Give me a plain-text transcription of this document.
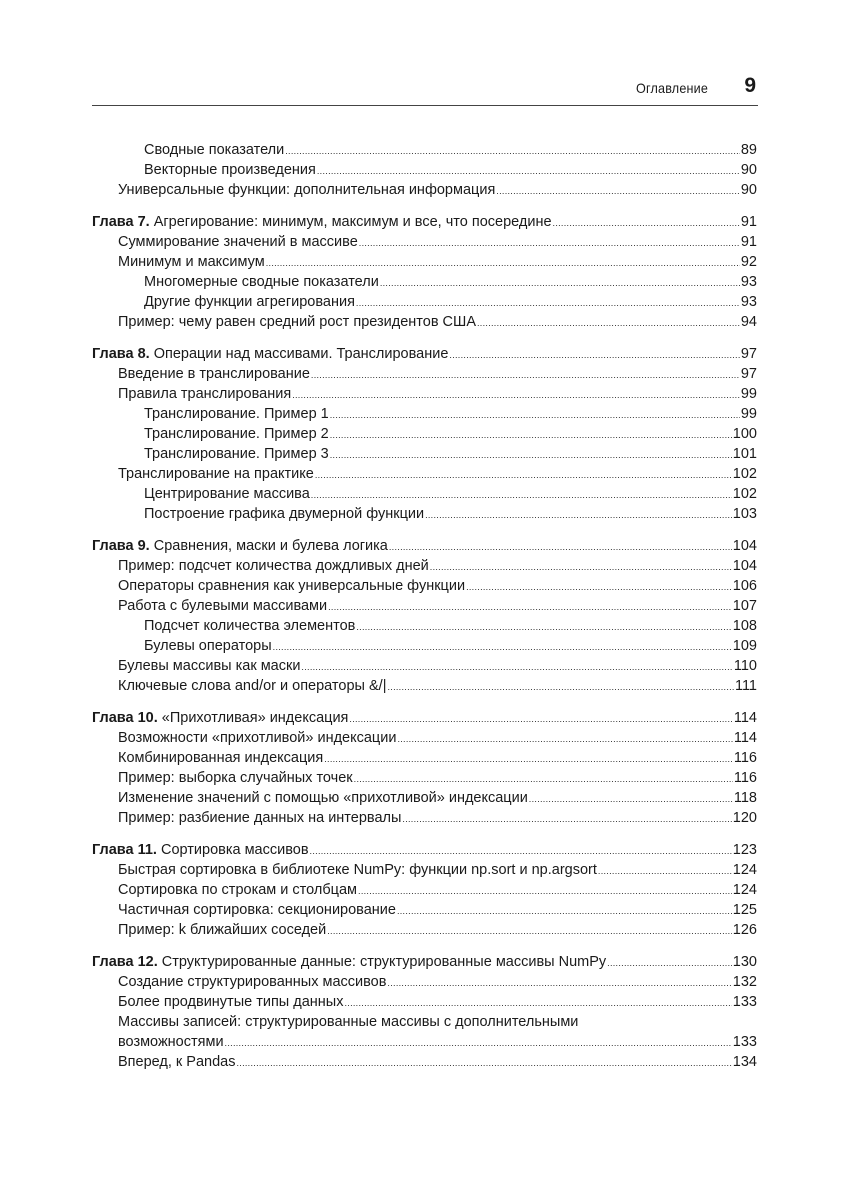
Оглавление 9
Сводные показатели .....	89
Векторные произведения .....	90
Универсальные функции: дополнительная информация .....	90
Глава 7. Агрегирование: минимум, максимум и все, что посередине .....	91
Суммирование значений в массиве .....	91
Минимум и максимум .....	92
Многомерные сводные показатели .....	93
Другие функции агрегирования .....	93
Пример: чему равен средний рост президентов США .....	94
Глава 8. Операции над массивами. Транслирование .....	97
Введение в транслирование .....	97
Правила транслирования .....	99
Транслирование. Пример 1 .....	99
Транслирование. Пример 2 .....	100
Транслирование. Пример 3 .....	101
Транслирование на практике .....	102
Центрирование массива .....	102
Построение графика двумерной функции .....	103
Глава 9. Сравнения, маски и булева логика .....	104
Пример: подсчет количества дождливых дней .....	104
Операторы сравнения как универсальные функции .....	106
Работа с булевыми массивами .....	107
Подсчет количества элементов .....	108
Булевы операторы .....	109
Булевы массивы как маски .....	110
Ключевые слова and/or и операторы &/| .....	111
Глава 10. «Прихотливая» индексация .....	114
Возможности «прихотливой» индексации .....	114
Комбинированная индексация .....	116
Пример: выборка случайных точек .....	116
Изменение значений с помощью «прихотливой» индексации .....	118
Пример: разбиение данных на интервалы .....	120
Глава 11. Сортировка массивов .....	123
Быстрая сортировка в библиотеке NumPy: функции np.sort и np.argsort .....	124
Сортировка по строкам и столбцам .....	124
Частичная сортировка: секционирование .....	125
Пример: k ближайших соседей .....	126
Глава 12. Структурированные данные: структурированные массивы NumPy .....	130
Создание структурированных массивов .....	132
Более продвинутые типы данных .....	133
Массивы записей: структурированные массивы с дополнительными
возможностями .....	133
Вперед, к Pandas .....	134
